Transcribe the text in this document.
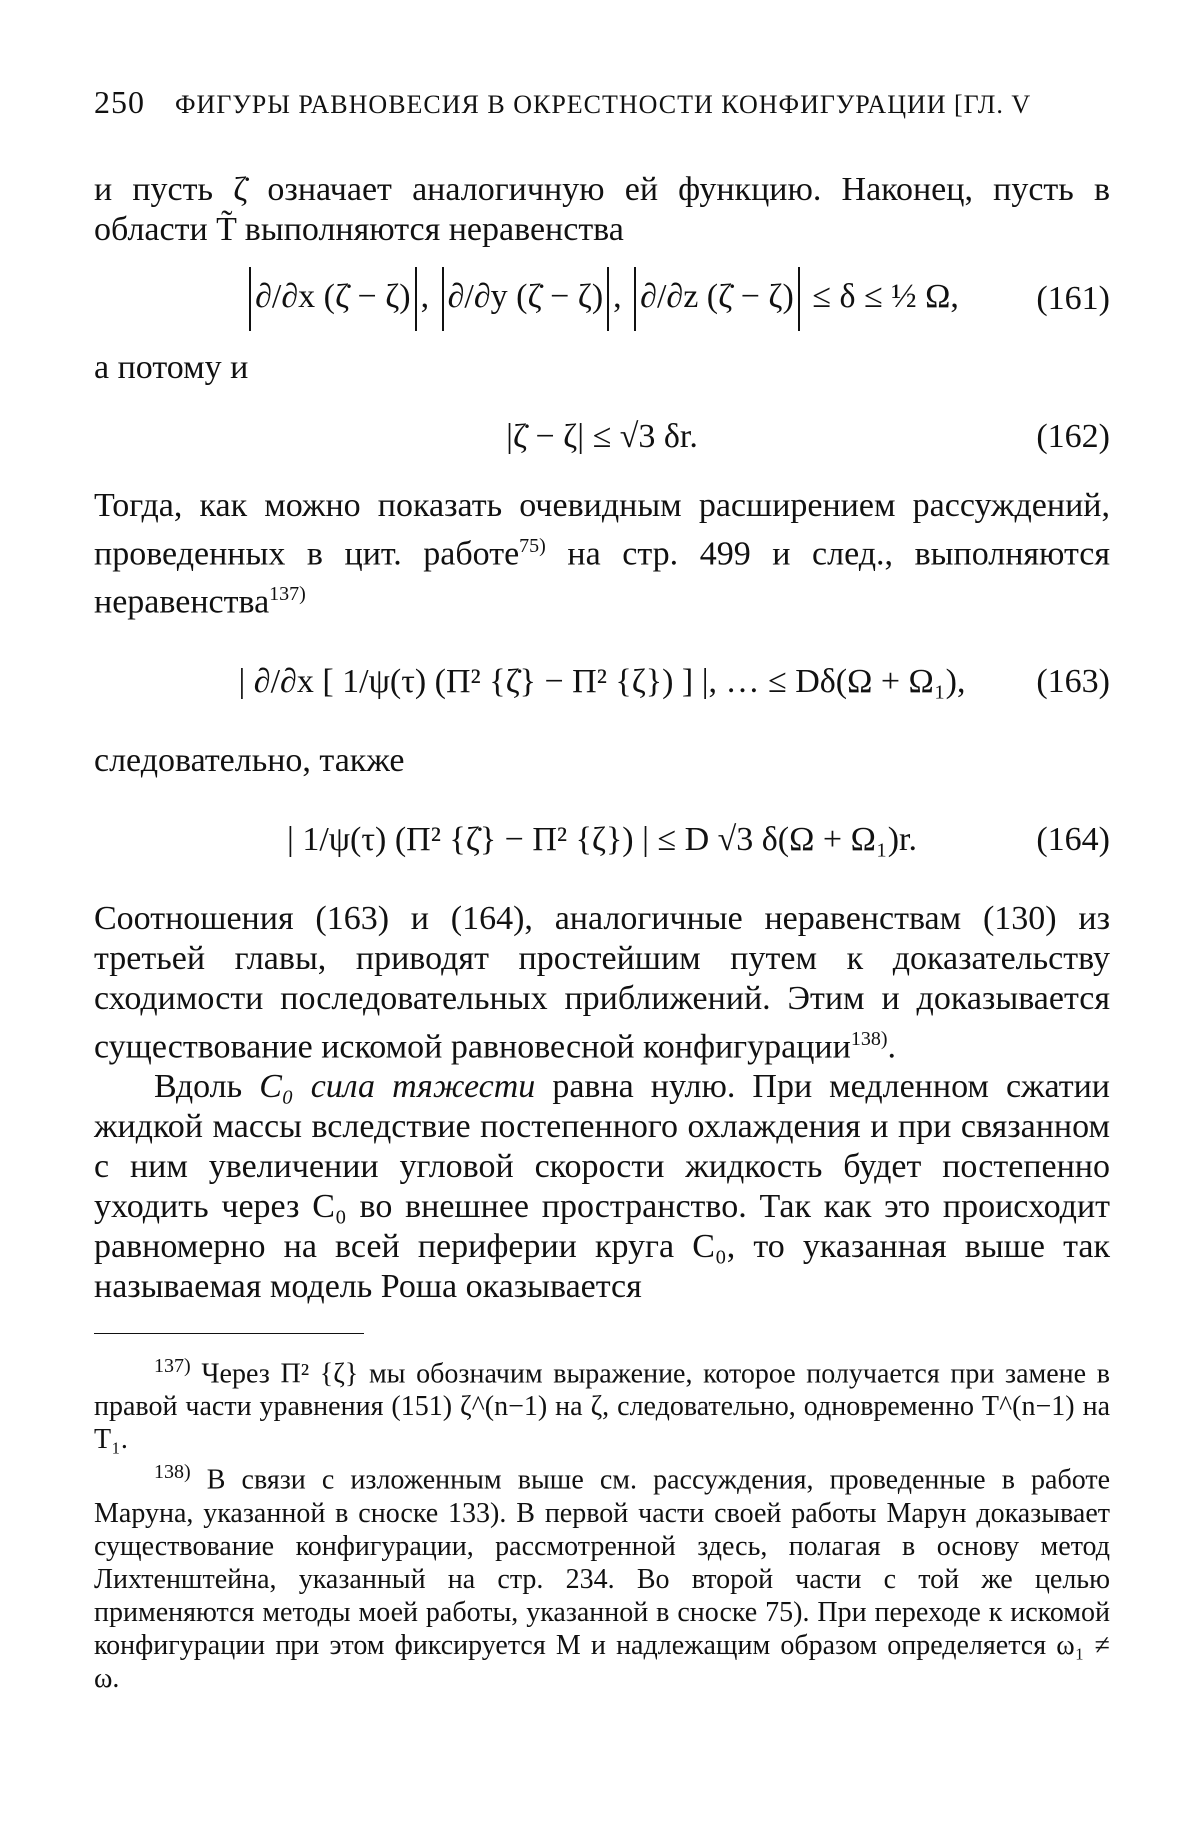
250 ФИГУРЫ РАВНОВЕСИЯ В ОКРЕСТНОСТИ КОНФИГУРАЦИИ [ГЛ. V

и пусть ζ̇ означает аналогичную ей функцию. Наконец, пусть в области T̃ выполняются неравенства

∂/∂x (ζ̇ − ζ) , ∂/∂y (ζ̇ − ζ) , ∂/∂z (ζ̇ − ζ) ≤ δ ≤ ½ Ω, (161)

а потому и

|ζ̇ − ζ| ≤ √3 δr.	(162)

Тогда, как можно показать очевидным расширением рассуждений, проведенных в цит. работе$^{75)}$ на стр. 499 и след., выполняются неравенства$^{137)}$

| ∂/∂x [ 1/ψ(τ) (Π² {ζ̇} − Π² {ζ}) ] |, … ≤ Dδ(Ω + Ω₁), (163)

следовательно, также

| 1/ψ(τ) (Π² {ζ̇} − Π² {ζ}) | ≤ D √3 δ(Ω + Ω₁)r.	(164)

Соотношения (163) и (164), аналогичные неравенствам (130) из третьей главы, приводят простейшим путем к доказательству сходимости последовательных приближений. Этим и доказывается существование искомой равновесной конфигурации$^{138)}$.

Вдоль C₀ сила тяжести равна нулю. При медленном сжатии жидкой массы вследствие постепенного охлаждения и при связанном с ним увеличении угловой скорости жидкость будет постепенно уходить через C₀ во внешнее пространство. Так как это происходит равномерно на всей периферии круга C₀, то указанная выше так называемая модель Роша оказывается

$^{137)}$ Через Π² {ζ} мы обозначим выражение, которое получается при замене в правой части уравнения (151) ζ^(n−1) на ζ, следовательно, одновременно T^(n−1) на T₁.

$^{138)}$ В связи с изложенным выше см. рассуждения, проведенные в работе Маруна, указанной в сноске 133). В первой части своей работы Марун доказывает существование конфигурации, рассмотренной здесь, полагая в основу метод Лихтенштейна, указанный на стр. 234. Во второй части с той же целью применяются методы моей работы, указанной в сноске 75). При переходе к искомой конфигурации при этом фиксируется M и надлежащим образом определяется ω₁ ≠ ω.
